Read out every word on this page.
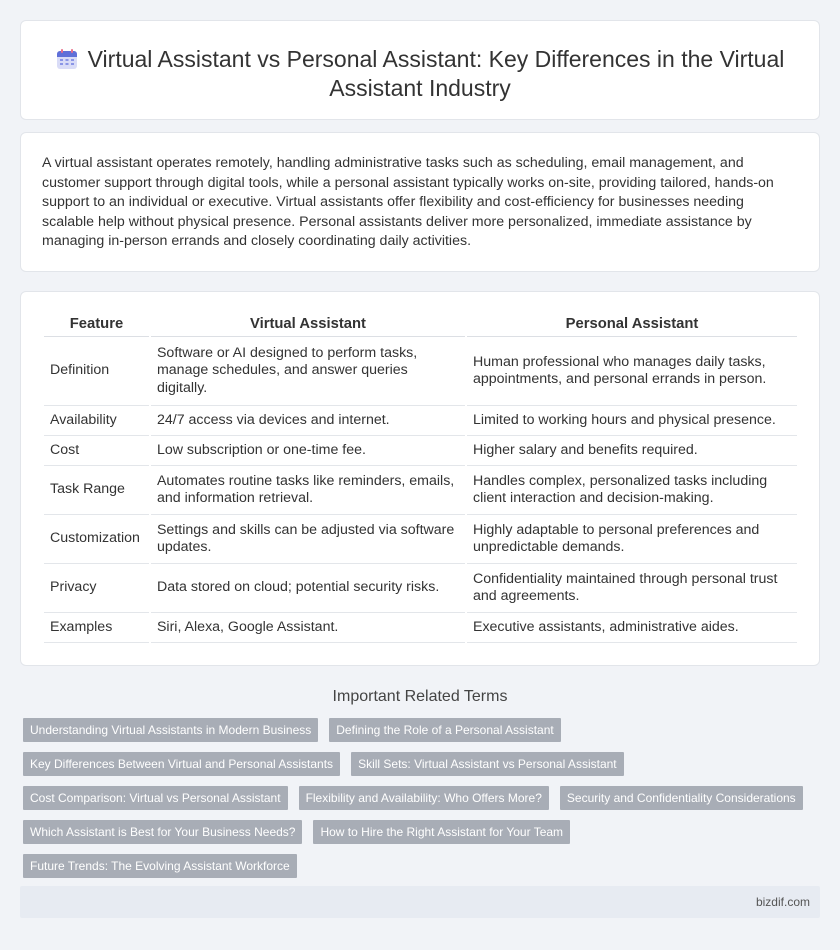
Virtual Assistant vs Personal Assistant: Key Differences in the Virtual Assistant Industry

A virtual assistant operates remotely, handling administrative tasks such as scheduling, email management, and customer support through digital tools, while a personal assistant typically works on-site, providing tailored, hands-on support to an individual or executive. Virtual assistants offer flexibility and cost-efficiency for businesses needing scalable help without physical presence. Personal assistants deliver more personalized, immediate assistance by managing in-person errands and closely coordinating daily activities.

Feature	Virtual Assistant	Personal Assistant
Definition	Software or AI designed to perform tasks, manage schedules, and answer queries digitally.	Human professional who manages daily tasks, appointments, and personal errands in person.
Availability	24/7 access via devices and internet.	Limited to working hours and physical presence.
Cost	Low subscription or one-time fee.	Higher salary and benefits required.
Task Range	Automates routine tasks like reminders, emails, and information retrieval.	Handles complex, personalized tasks including client interaction and decision-making.
Customization	Settings and skills can be adjusted via software updates.	Highly adaptable to personal preferences and unpredictable demands.
Privacy	Data stored on cloud; potential security risks.	Confidentiality maintained through personal trust and agreements.
Examples	Siri, Alexa, Google Assistant.	Executive assistants, administrative aides.
Important Related Terms
Understanding Virtual Assistants in Modern Business	Defining the Role of a Personal Assistant
Key Differences Between Virtual and Personal Assistants	Skill Sets: Virtual Assistant vs Personal Assistant
Cost Comparison: Virtual vs Personal Assistant	Flexibility and Availability: Who Offers More?	Security and Confidentiality Considerations
Which Assistant is Best for Your Business Needs?	How to Hire the Right Assistant for Your Team
Future Trends: The Evolving Assistant Workforce
bizdif.com
